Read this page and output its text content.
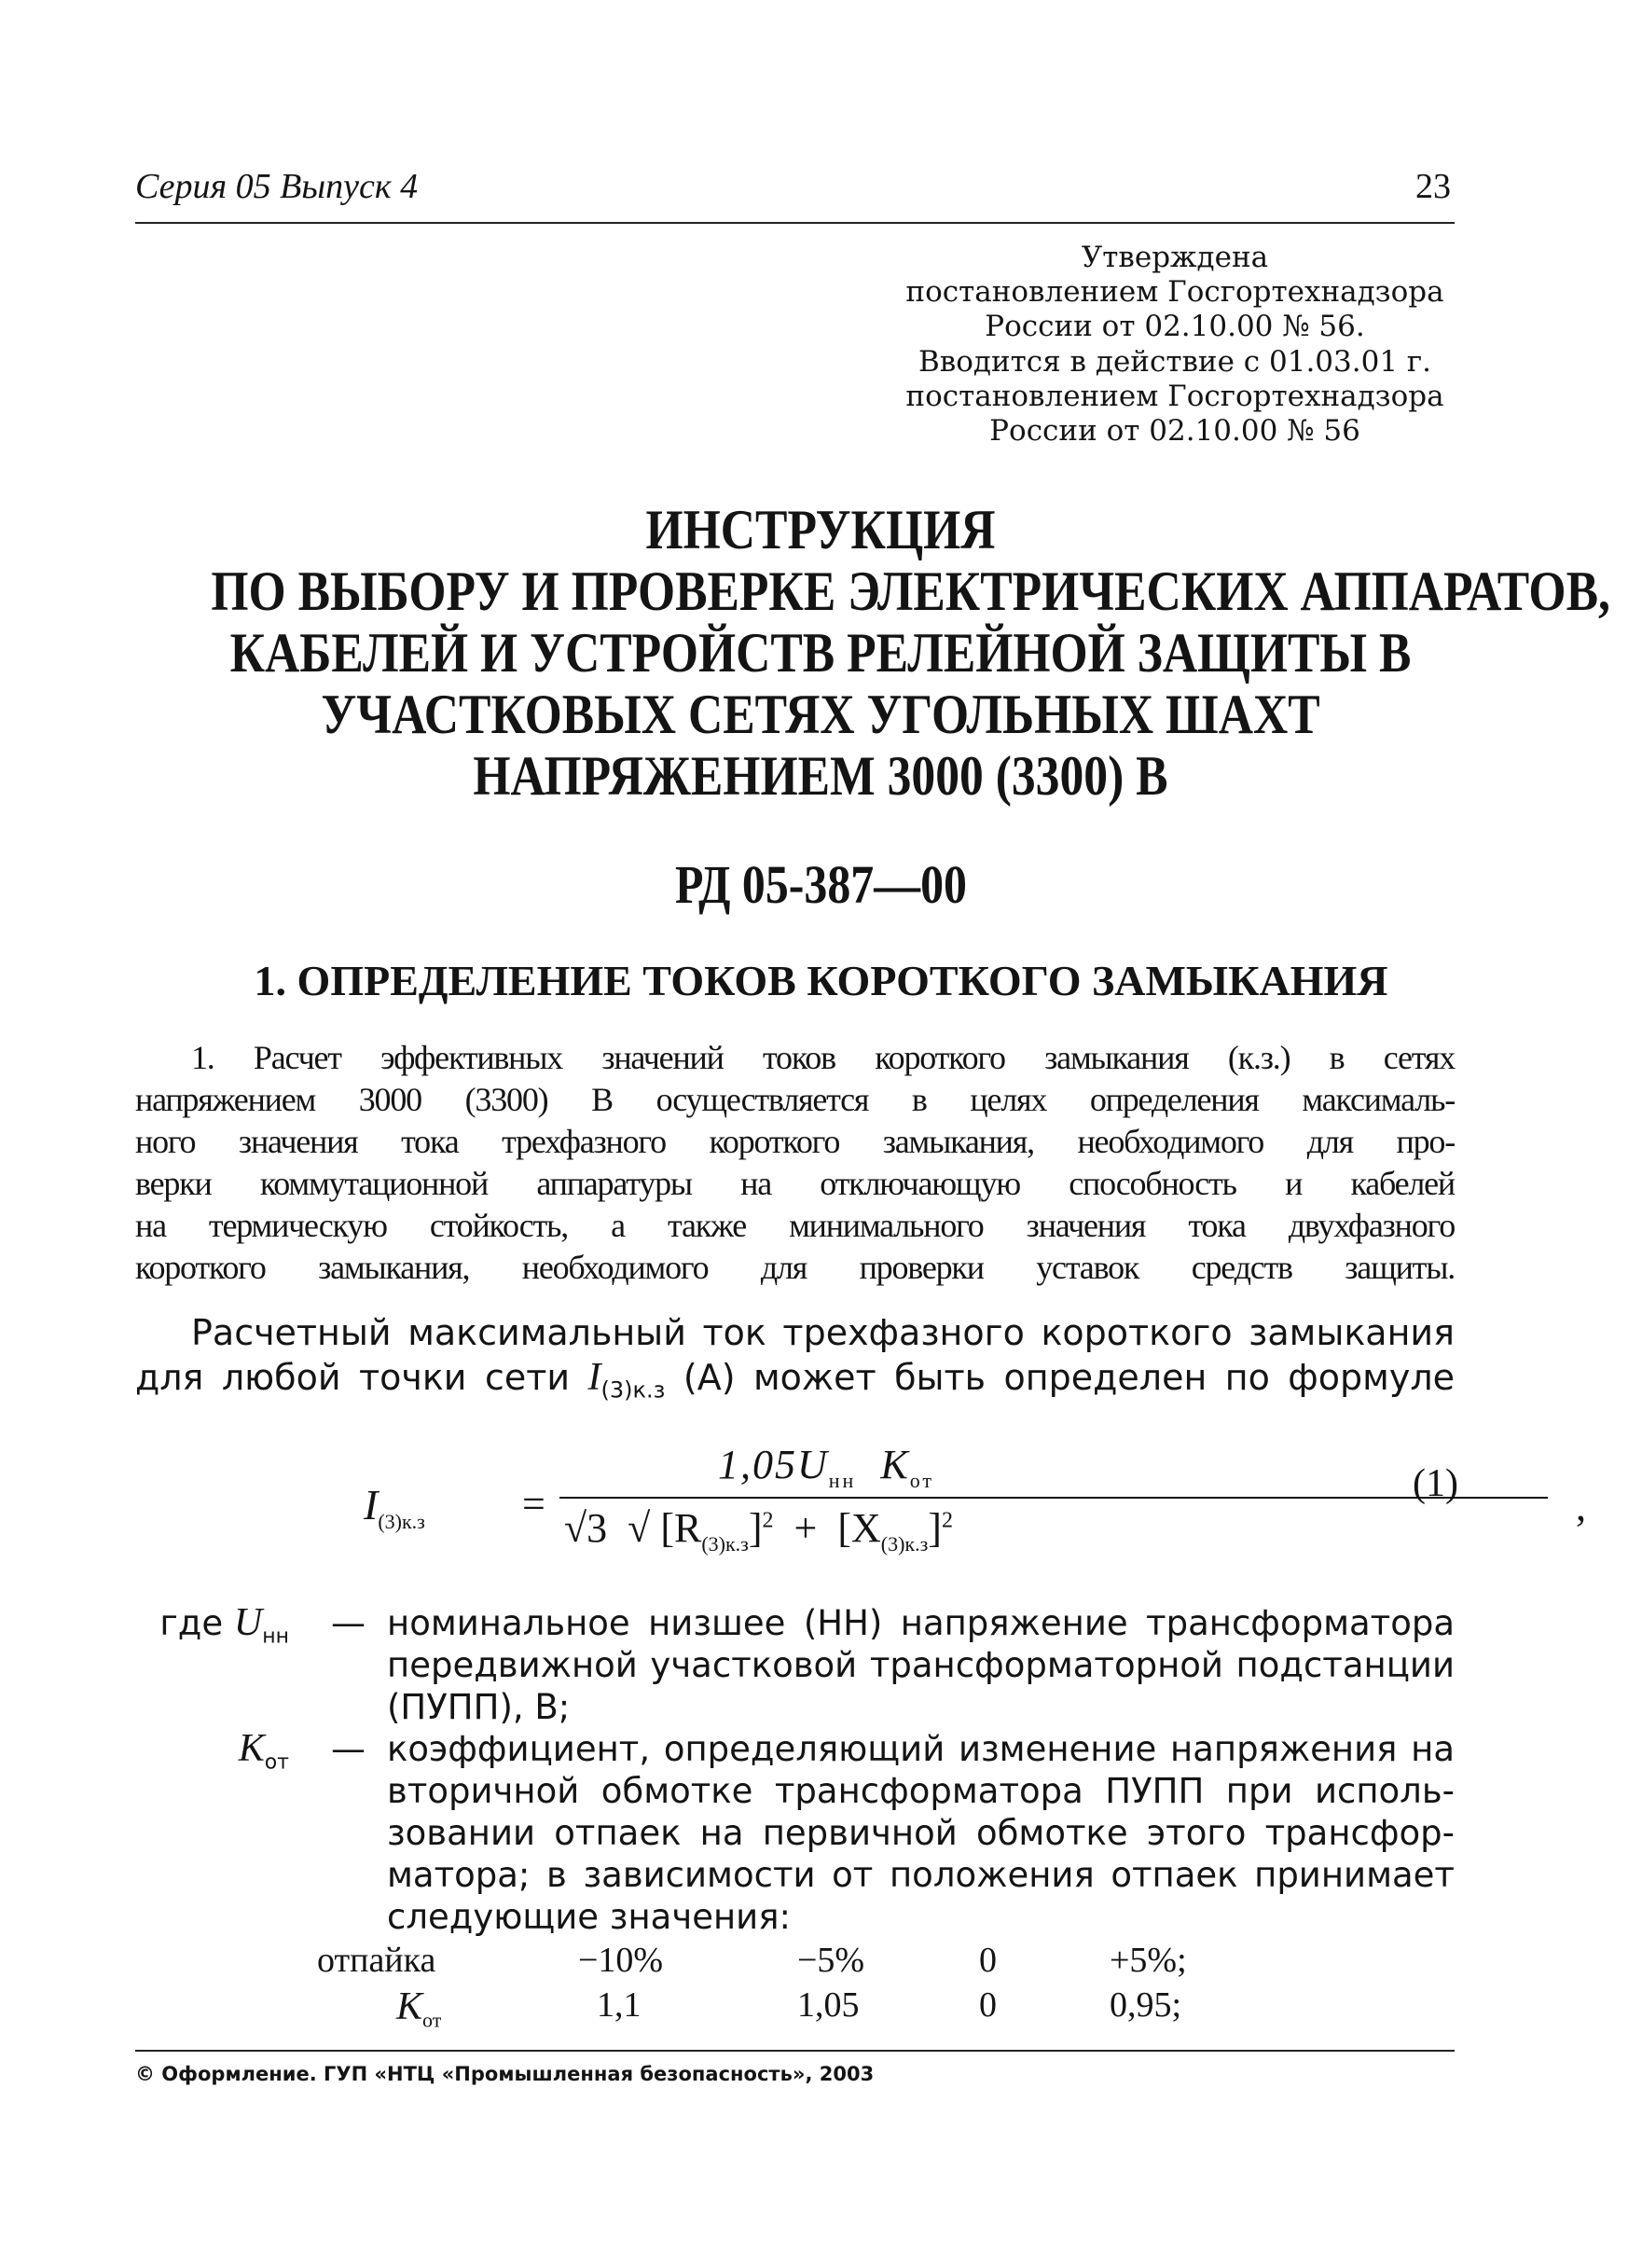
Серия 05 Выпуск 4	23
Утверждена
постановлением Госгортехнадзора
России от 02.10.00 № 56.
Вводится в действие с 01.03.01 г.
постановлением Госгортехнадзора
России от 02.10.00 № 56
ИНСТРУКЦИЯ
ПО ВЫБОРУ И ПРОВЕРКЕ ЭЛЕКТРИЧЕСКИХ АППАРАТОВ,
КАБЕЛЕЙ И УСТРОЙСТВ РЕЛЕЙНОЙ ЗАЩИТЫ В
УЧАСТКОВЫХ СЕТЯХ УГОЛЬНЫХ ШАХТ
НАПРЯЖЕНИЕМ 3000 (3300) В
РД 05-387—00
1. ОПРЕДЕЛЕНИЕ ТОКОВ КОРОТКОГО ЗАМЫКАНИЯ
1. Расчет эффективных значений токов короткого замыкания (к.з.) в сетях
напряжением 3000 (3300) В осуществляется в целях определения максималь-
ного значения тока трехфазного короткого замыкания, необходимого для про-
верки коммутационной аппаратуры на отключающую способность и кабелей
на термическую стойкость, а также минимального значения тока двухфазного
короткого замыкания, необходимого для проверки уставок средств защиты.
Расчетный максимальный ток трехфазного короткого замыкания
для любой точки сети $I_{(3)к.з}$ (А) может быть определен по формуле
$I_{(3)к.з}$ =
$1,05U_{нн}$ $K_{от}$
√3 √ $[R_{(3)к.з}]^2 + [X_{(3)к.з}]^2$	,
(1)
где $U_{нн}$ — номинальное низшее (НН) напряжение трансформатора
передвижной участковой трансформаторной подстанции
(ПУПП), В;
$K_{от}$ — коэффициент, определяющий изменение напряжения на
вторичной обмотке трансформатора ПУПП при исполь-
зовании отпаек на первичной обмотке этого трансфор-
матора; в зависимости от положения отпаек принимает
следующие значения:
отпайка	−10%	−5%	0	+5%;
$K_{от}$	1,1	1,05	0	0,95;
© Оформление. ГУП «НТЦ «Промышленная безопасность», 2003
